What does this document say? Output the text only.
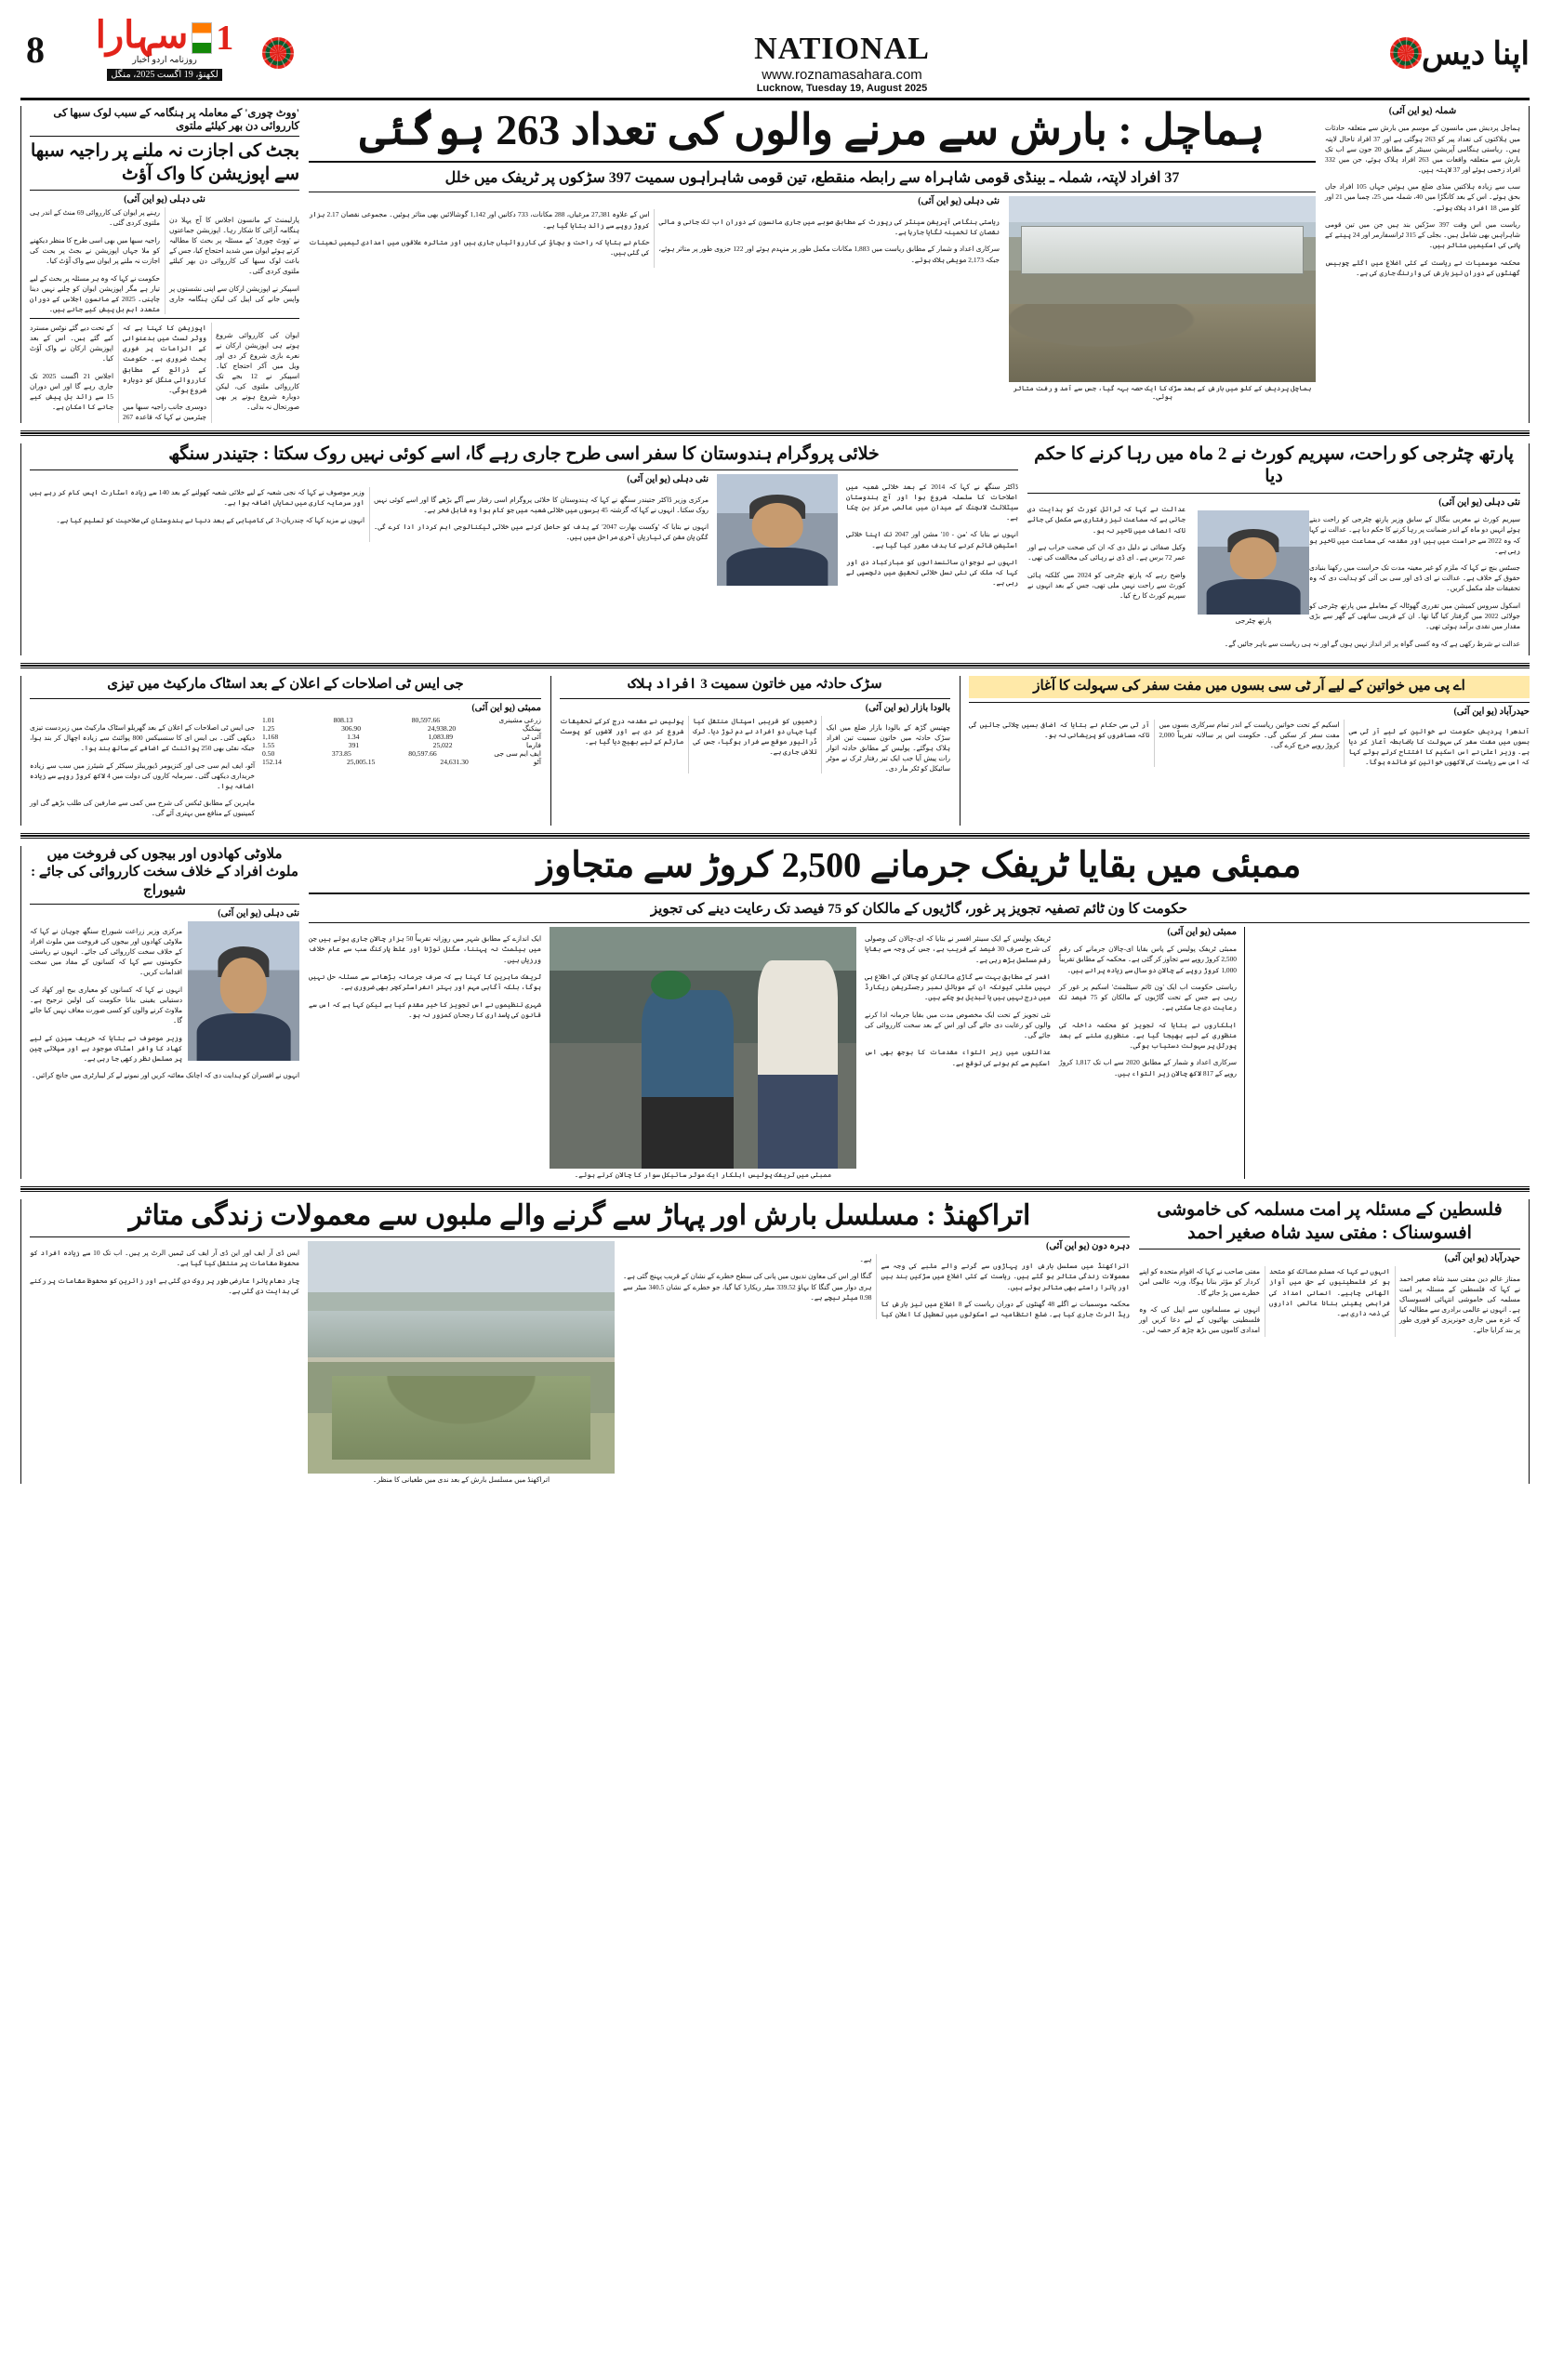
8	سہارا 1
روزنامہ اردو اخبار
لکھنؤ، 19 اگست 2025، منگل
NATIONAL
www.roznamasahara.com
Lucknow, Tuesday 19, August 2025
اپنا دیس
'ووٹ چوری' کے معاملہ پر ہنگامہ کے سبب لوک سبھا کی کارروائی دن بھر کیلئے ملتوی
بجٹ کی اجازت نہ ملنے پر راجیہ سبھا سے اپوزیشن کا واک آؤٹ
نئی دہلی (یو این آئی)

پارلیمنٹ کے مانسون اجلاس کا آج پہلا دن ہنگامہ آرائی کا شکار رہا۔ اپوزیشن جماعتوں نے 'ووٹ چوری' کے مسئلہ پر بحث کا مطالبہ کرتے ہوئے ایوان میں شدید احتجاج کیا، جس کے باعث لوک سبھا کی کارروائی دن بھر کیلئے ملتوی کردی گئی۔

اسپیکر نے اپوزیشن ارکان سے اپنی نشستوں پر واپس جانے کی اپیل کی لیکن ہنگامہ جاری رہنے پر ایوان کی کارروائی 69 منٹ کے اندر ہی ملتوی کردی گئی۔

راجیہ سبھا میں بھی اسی طرح کا منظر دیکھنے کو ملا جہاں اپوزیشن نے بجٹ پر بحث کی اجازت نہ ملنے پر ایوان سے واک آؤٹ کیا۔

حکومت نے کہا کہ وہ ہر مسئلہ پر بحث کے لیے تیار ہے مگر اپوزیشن ایوان کو چلنے نہیں دینا چاہتی۔ 2025 کے مانسون اجلاس کے دوران متعدد اہم بل پیش کیے جانے ہیں۔

ایوان کی کارروائی شروع ہوتے ہی اپوزیشن ارکان نے نعرے بازی شروع کر دی اور ویل میں آکر احتجاج کیا۔ اسپیکر نے 12 بجے تک کارروائی ملتوی کی، لیکن دوبارہ شروع ہونے پر بھی صورتحال نہ بدلی۔

اپوزیشن کا کہنا ہے کہ ووٹر لسٹ میں بدعنوانی کے الزامات پر فوری بحث ضروری ہے۔ حکومت کے ذرائع کے مطابق کارروائی منگل کو دوبارہ شروع ہوگی۔

دوسری جانب راجیہ سبھا میں چیئرمین نے کہا کہ قاعدہ 267 کے تحت دیے گئے نوٹس مسترد کیے گئے ہیں۔ اس کے بعد اپوزیشن ارکان نے واک آؤٹ کیا۔

اجلاس 21 اگست 2025 تک جاری رہے گا اور اس دوران 15 سے زائد بل پیش کیے جانے کا امکان ہے۔

ہماچل : بارش سے مرنے والوں کی تعداد 263 ہوگئی
37 افراد لاپتہ، شملہ ـ بینڈی قومی شاہراہ سے رابطہ منقطع، تین قومی شاہراہوں سمیت 397 سڑکوں پر ٹریفک میں خلل
نئی دہلی (یو این آئی)

ریاستی ہنگامی آپریشن سینٹر کی رپورٹ کے مطابق صوبے میں جاری مانسون کے دوران اب تک جانی و مالی نقصان کا تخمینہ لگایا جارہا ہے۔

سرکاری اعداد و شمار کے مطابق ریاست میں 1,883 مکانات مکمل طور پر منہدم ہوئے اور 122 جزوی طور پر متاثر ہوئے، جبکہ 2,173 مویشی ہلاک ہوئے۔

اس کے علاوہ 27,381 مرغیاں، 288 مکانات، 733 دکانیں اور 1,142 گوشالائیں بھی متاثر ہوئیں۔ مجموعی نقصان 2.17 ہزار کروڑ روپے سے زائد بتایا گیا ہے۔

حکام نے بتایا کہ راحت و بچاؤ کی کارروائیاں جاری ہیں اور متاثرہ علاقوں میں امدادی ٹیمیں تعینات کی گئی ہیں۔

ہماچل پردیش کے کلو میں بارش کے بعد سڑک کا ایک حصہ بہہ گیا، جس سے آمد و رفت متاثر ہوئی۔
شملہ (یو این آئی)

ہماچل پردیش میں مانسون کے موسم میں بارش سے متعلقہ حادثات میں ہلاکتوں کی تعداد پیر کو 263 ہوگئی ہے اور 37 افراد تاحال لاپتہ ہیں۔ ریاستی ہنگامی آپریشن سینٹر کے مطابق 20 جون سے اب تک بارش سے متعلقہ واقعات میں 263 افراد ہلاک ہوئے، جن میں 332 افراد زخمی ہوئے اور 37 لاپتہ ہیں۔

سب سے زیادہ ہلاکتیں منڈی ضلع میں ہوئیں جہاں 105 افراد جاں بحق ہوئے۔ اس کے بعد کانگڑا میں 40، شملہ میں 25، چمبا میں 21 اور کلو میں 18 افراد ہلاک ہوئے۔

ریاست میں اس وقت 397 سڑکیں بند ہیں جن میں تین قومی شاہراہیں بھی شامل ہیں۔ بجلی کے 315 ٹرانسفارمر اور 24 پینے کے پانی کی اسکیمیں متاثر ہیں۔

محکمہ موسمیات نے ریاست کے کئی اضلاع میں اگلے چوبیس گھنٹوں کے دوران تیز بارش کی وارننگ جاری کی ہے۔

خلائی پروگرام ہندوستان کا سفر اسی طرح جاری رہے گا، اسے کوئی نہیں روک سکتا : جتیندر سنگھ
نئی دہلی (یو این آئی)

مرکزی وزیر ڈاکٹر جتیندر سنگھ نے کہا کہ ہندوستان کا خلائی پروگرام اسی رفتار سے آگے بڑھے گا اور اسے کوئی نہیں روک سکتا۔ انہوں نے کہا کہ گزشتہ 45 برسوں میں خلائی شعبہ میں جو کام ہوا وہ قابل فخر ہے۔

انہوں نے بتایا کہ 'وکست بھارت 2047' کے ہدف کو حاصل کرنے میں خلائی ٹیکنالوجی اہم کردار ادا کرے گی۔ گگن یان مشن کی تیاریاں آخری مراحل میں ہیں۔

وزیر موصوف نے کہا کہ نجی شعبہ کے لیے خلائی شعبہ کھولنے کے بعد 140 سے زیادہ اسٹارٹ اپس کام کر رہے ہیں اور سرمایہ کاری میں نمایاں اضافہ ہوا ہے۔

انہوں نے مزید کہا کہ چندریان-3 کی کامیابی کے بعد دنیا نے ہندوستان کی صلاحیت کو تسلیم کیا ہے۔

ڈاکٹر سنگھ نے کہا کہ 2014 کے بعد خلائی شعبہ میں اصلاحات کا سلسلہ شروع ہوا اور آج ہندوستان سیٹلائٹ لانچنگ کے میدان میں عالمی مرکز بن چکا ہے۔

انہوں نے بتایا کہ 'من - 10' مشن اور 2047 تک اپنا خلائی اسٹیشن قائم کرنے کا ہدف مقرر کیا گیا ہے۔

انہوں نے نوجوان سائنسدانوں کو مبارکباد دی اور کہا کہ ملک کی نئی نسل خلائی تحقیق میں دلچسپی لے رہی ہے۔

پارتھ چٹرجی کو راحت، سپریم کورٹ نے 2 ماہ میں رہا کرنے کا حکم دیا

عدالت نے کہا کہ ٹرائل کورٹ کو ہدایت دی جاتی ہے کہ سماعت تیز رفتاری سے مکمل کی جائے تاکہ انصاف میں تاخیر نہ ہو۔

وکیل صفائی نے دلیل دی کہ ان کی صحت خراب ہے اور عمر 72 برس ہے۔ ای ڈی نے رہائی کی مخالفت کی تھی۔

واضح رہے کہ پارتھ چٹرجی کو 2024 میں کلکتہ ہائی کورٹ سے راحت نہیں ملی تھی، جس کے بعد انہوں نے سپریم کورٹ کا رخ کیا۔

نئی دہلی (یو این آئی)
پارتھ چٹرجی

سپریم کورٹ نے مغربی بنگال کے سابق وزیر پارتھ چٹرجی کو راحت دیتے ہوئے انہیں دو ماہ کے اندر ضمانت پر رہا کرنے کا حکم دیا ہے۔ عدالت نے کہا کہ وہ 2022 سے حراست میں ہیں اور مقدمہ کی سماعت میں تاخیر ہو رہی ہے۔

جسٹس بنچ نے کہا کہ ملزم کو غیر معینہ مدت تک حراست میں رکھنا بنیادی حقوق کے خلاف ہے۔ عدالت نے ای ڈی اور سی بی آئی کو ہدایت دی کہ وہ تحقیقات جلد مکمل کریں۔

اسکول سروس کمیشن میں تقرری گھوٹالہ کے معاملے میں پارتھ چٹرجی کو جولائی 2022 میں گرفتار کیا گیا تھا۔ ان کے قریبی ساتھی کے گھر سے بڑی مقدار میں نقدی برآمد ہوئی تھی۔

عدالت نے شرط رکھی ہے کہ وہ کسی گواہ پر اثر انداز نہیں ہوں گے اور نہ ہی ریاست سے باہر جائیں گے۔

جی ایس ٹی اصلاحات کے اعلان کے بعد اسٹاک مارکیٹ میں تیزی
ممبئی (یو این آئی)

جی ایس ٹی اصلاحات کے اعلان کے بعد گھریلو اسٹاک مارکیٹ میں زبردست تیزی دیکھی گئی۔ بی ایس ای کا سنسیکس 800 پوائنٹ سے زیادہ اچھال کر بند ہوا، جبکہ نفٹی بھی 250 پوائنٹ کے اضافے کے ساتھ بند ہوا۔

آٹو، ایف ایم سی جی اور کنزیومر ڈیوریبلز سیکٹر کے شیئرز میں سب سے زیادہ خریداری دیکھی گئی۔ سرمایہ کاروں کی دولت میں 4 لاکھ کروڑ روپے سے زیادہ اضافہ ہوا۔

ماہرین کے مطابق ٹیکس کی شرح میں کمی سے صارفین کی طلب بڑھے گی اور کمپنیوں کے منافع میں بہتری آئے گی۔

زرعی مشینری
80,597.66
808.13
1.01
بینکنگ
24,938.20
306.90
1.25
آئی ٹی
1,083.89
1.34
1,168
فارما
25,022
391
1.55
ایف ایم سی جی
80,597.66
373.85
0.50
آٹو
24,631.30
25,005.15
152.14
سڑک حادثہ میں خاتون سمیت 3 افراد ہلاک
بالودا بازار (یو این آئی)

چھتیس گڑھ کے بالودا بازار ضلع میں ایک سڑک حادثہ میں خاتون سمیت تین افراد ہلاک ہوگئے۔ پولیس کے مطابق حادثہ اتوار رات پیش آیا جب ایک تیز رفتار ٹرک نے موٹر سائیکل کو ٹکر مار دی۔

زخمیوں کو قریبی اسپتال منتقل کیا گیا جہاں دو افراد نے دم توڑ دیا۔ ٹرک ڈرائیور موقع سے فرار ہوگیا، جس کی تلاش جاری ہے۔

پولیس نے مقدمہ درج کرکے تحقیقات شروع کر دی ہے اور لاشوں کو پوسٹ مارٹم کے لیے بھیج دیا گیا ہے۔

اے پی میں خواتین کے لیے آر ٹی سی بسوں میں مفت سفر کی سہولت کا آغاز
حیدرآباد (یو این آئی)

آندھرا پردیش حکومت نے خواتین کے لیے آر ٹی سی بسوں میں مفت سفر کی سہولت کا باضابطہ آغاز کر دیا ہے۔ وزیر اعلیٰ نے اس اسکیم کا افتتاح کرتے ہوئے کہا کہ اس سے ریاست کی لاکھوں خواتین کو فائدہ ہوگا۔

اسکیم کے تحت خواتین ریاست کے اندر تمام سرکاری بسوں میں مفت سفر کر سکیں گی۔ حکومت اس پر سالانہ تقریباً 2,000 کروڑ روپے خرچ کرے گی۔

آر ٹی سی حکام نے بتایا کہ اضافی بسیں چلائی جائیں گی تاکہ مسافروں کو پریشانی نہ ہو۔

ملاوٹی کھادوں اور بیجوں کی فروخت میں ملوث افراد کے خلاف سخت کارروائی کی جائے : شیوراج
نئی دہلی (یو این آئی)

مرکزی وزیر زراعت شیوراج سنگھ چوہان نے کہا کہ ملاوٹی کھادوں اور بیجوں کی فروخت میں ملوث افراد کے خلاف سخت کارروائی کی جائے۔ انہوں نے ریاستی حکومتوں سے کہا کہ کسانوں کے مفاد میں سخت اقدامات کریں۔

انہوں نے کہا کہ کسانوں کو معیاری بیج اور کھاد کی دستیابی یقینی بنانا حکومت کی اولین ترجیح ہے۔ ملاوٹ کرنے والوں کو کسی صورت معاف نہیں کیا جائے گا۔

وزیر موصوف نے بتایا کہ خریف سیزن کے لیے کھاد کا وافر اسٹاک موجود ہے اور سپلائی چین پر مسلسل نظر رکھی جا رہی ہے۔

انہوں نے افسران کو ہدایت دی کہ اچانک معائنہ کریں اور نمونے لے کر لیبارٹری میں جانچ کرائیں۔

ممبئی میں بقایا ٹریفک جرمانے 2,500 کروڑ سے متجاوز
حکومت کا ون ٹائم تصفیہ تجویز پر غور، گاڑیوں کے مالکان کو 75 فیصد تک رعایت دینے کی تجویز

ایک اندازے کے مطابق شہر میں روزانہ تقریباً 50 ہزار چالان جاری ہوتے ہیں جن میں ہیلمٹ نہ پہننا، سگنل توڑنا اور غلط پارکنگ سب سے عام خلاف ورزیاں ہیں۔

ٹریفک ماہرین کا کہنا ہے کہ صرف جرمانہ بڑھانے سے مسئلہ حل نہیں ہوگا، بلکہ آگاہی مہم اور بہتر انفراسٹرکچر بھی ضروری ہے۔

شہری تنظیموں نے اس تجویز کا خیر مقدم کیا ہے لیکن کہا ہے کہ اس سے قانون کی پاسداری کا رجحان کمزور نہ ہو۔

ممبئی میں ٹریفک پولیس اہلکار ایک موٹر سائیکل سوار کا چالان کرتے ہوئے۔

ٹریفک پولیس کے ایک سینئر افسر نے بتایا کہ ای-چالان کی وصولی کی شرح صرف 30 فیصد کے قریب ہے، جس کی وجہ سے بقایا رقم مسلسل بڑھ رہی ہے۔

افسر کے مطابق بہت سے گاڑی مالکان کو چالان کی اطلاع ہی نہیں ملتی کیونکہ ان کے موبائل نمبر رجسٹریشن ریکارڈ میں درج نہیں ہیں یا تبدیل ہو چکے ہیں۔

نئی تجویز کے تحت ایک مخصوص مدت میں بقایا جرمانہ ادا کرنے والوں کو رعایت دی جائے گی اور اس کے بعد سخت کارروائی کی جائے گی۔

عدالتوں میں زیر التواء مقدمات کا بوجھ بھی اس اسکیم سے کم ہونے کی توقع ہے۔

ممبئی (یو این آئی)

ممبئی ٹریفک پولیس کے پاس بقایا ای-چالان جرمانے کی رقم 2,500 کروڑ روپے سے تجاوز کر گئی ہے۔ محکمہ کے مطابق تقریباً 1,000 کروڑ روپے کے چالان دو سال سے زیادہ پرانے ہیں۔

ریاستی حکومت اب ایک 'ون ٹائم سیٹلمنٹ' اسکیم پر غور کر رہی ہے جس کے تحت گاڑیوں کے مالکان کو 75 فیصد تک رعایت دی جا سکتی ہے۔

اہلکاروں نے بتایا کہ تجویز کو محکمہ داخلہ کی منظوری کے لیے بھیجا گیا ہے۔ منظوری ملنے کے بعد پورٹل پر سہولت دستیاب ہوگی۔

سرکاری اعداد و شمار کے مطابق 2020 سے اب تک 1,817 کروڑ روپے کے 817 لاکھ چالان زیر التواء ہیں۔

اتراکھنڈ : مسلسل بارش اور پہاڑ سے گرنے والے ملبوں سے معمولات زندگی متاثر

ایس ڈی آر ایف اور این ڈی آر ایف کی ٹیمیں الرٹ پر ہیں۔ اب تک 10 سے زیادہ افراد کو محفوظ مقامات پر منتقل کیا گیا ہے۔

چار دھام یاترا عارضی طور پر روک دی گئی ہے اور زائرین کو محفوظ مقامات پر رکنے کی ہدایت دی گئی ہے۔

اتراکھنڈ میں مسلسل بارش کے بعد ندی میں طغیانی کا منظر۔
دہرہ دون (یو این آئی)

اتراکھنڈ میں مسلسل بارش اور پہاڑوں سے گرنے والے ملبے کی وجہ سے معمولات زندگی متاثر ہو گئے ہیں۔ ریاست کے کئی اضلاع میں سڑکیں بند ہیں اور یاترا راستے بھی متاثر ہوئے ہیں۔

محکمہ موسمیات نے اگلے 48 گھنٹوں کے دوران ریاست کے 8 اضلاع میں تیز بارش کا ریڈ الرٹ جاری کیا ہے۔ ضلع انتظامیہ نے اسکولوں میں تعطیل کا اعلان کیا ہے۔

گنگا اور اس کی معاون ندیوں میں پانی کی سطح خطرے کے نشان کے قریب پہنچ گئی ہے۔ ہری دوار میں گنگا کا بہاؤ 339.52 میٹر ریکارڈ کیا گیا، جو خطرے کے نشان 340.5 میٹر سے 0.98 میٹر نیچے ہے۔

فلسطین کے مسئلہ پر امت مسلمہ کی خاموشی افسوسناک : مفتی سید شاہ صغیر احمد
حیدرآباد (یو این آئی)

ممتاز عالم دین مفتی سید شاہ صغیر احمد نے کہا کہ فلسطین کے مسئلہ پر امت مسلمہ کی خاموشی انتہائی افسوسناک ہے۔ انہوں نے عالمی برادری سے مطالبہ کیا کہ غزہ میں جاری خونریزی کو فوری طور پر بند کرایا جائے۔

انہوں نے کہا کہ مسلم ممالک کو متحد ہو کر فلسطینیوں کے حق میں آواز اٹھانی چاہیے۔ انسانی امداد کی فراہمی یقینی بنانا عالمی اداروں کی ذمہ داری ہے۔

مفتی صاحب نے کہا کہ اقوام متحدہ کو اپنے کردار کو مؤثر بنانا ہوگا، ورنہ عالمی امن خطرے میں پڑ جائے گا۔

انہوں نے مسلمانوں سے اپیل کی کہ وہ فلسطینی بھائیوں کے لیے دعا کریں اور امدادی کاموں میں بڑھ چڑھ کر حصہ لیں۔
